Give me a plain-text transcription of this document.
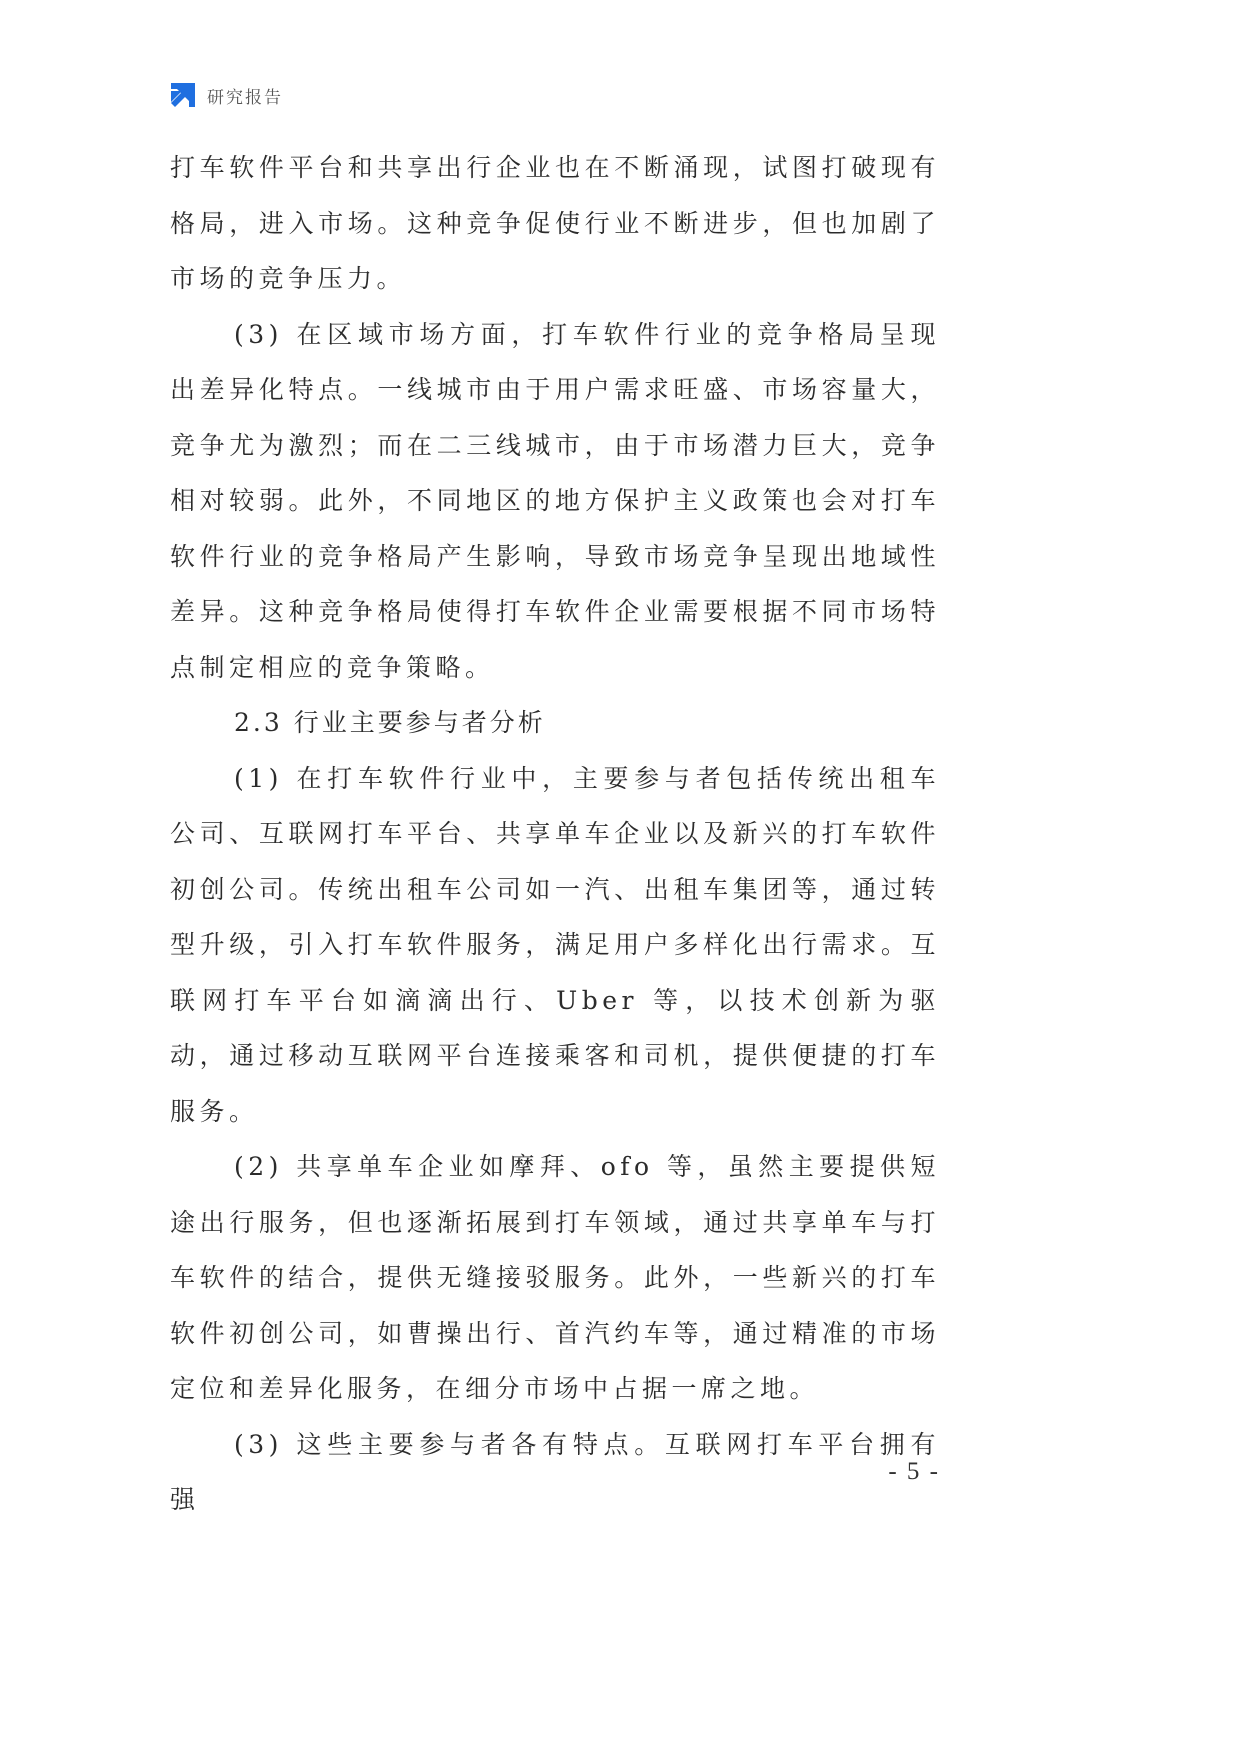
研究报告

打车软件平台和共享出行企业也在不断涌现，试图打破现有格局，进入市场。这种竞争促使行业不断进步，但也加剧了市场的竞争压力。

(3) 在区域市场方面，打车软件行业的竞争格局呈现出差异化特点。一线城市由于用户需求旺盛、市场容量大，竞争尤为激烈；而在二三线城市，由于市场潜力巨大，竞争相对较弱。此外，不同地区的地方保护主义政策也会对打车软件行业的竞争格局产生影响，导致市场竞争呈现出地域性差异。这种竞争格局使得打车软件企业需要根据不同市场特点制定相应的竞争策略。

2.3 行业主要参与者分析

(1) 在打车软件行业中，主要参与者包括传统出租车公司、互联网打车平台、共享单车企业以及新兴的打车软件初创公司。传统出租车公司如一汽、出租车集团等，通过转型升级，引入打车软件服务，满足用户多样化出行需求。互联网打车平台如滴滴出行、Uber 等，以技术创新为驱动，通过移动互联网平台连接乘客和司机，提供便捷的打车服务。

(2) 共享单车企业如摩拜、ofo 等，虽然主要提供短途出行服务，但也逐渐拓展到打车领域，通过共享单车与打车软件的结合，提供无缝接驳服务。此外，一些新兴的打车软件初创公司，如曹操出行、首汽约车等，通过精准的市场定位和差异化服务，在细分市场中占据一席之地。

(3) 这些主要参与者各有特点。互联网打车平台拥有强

- 5 -
